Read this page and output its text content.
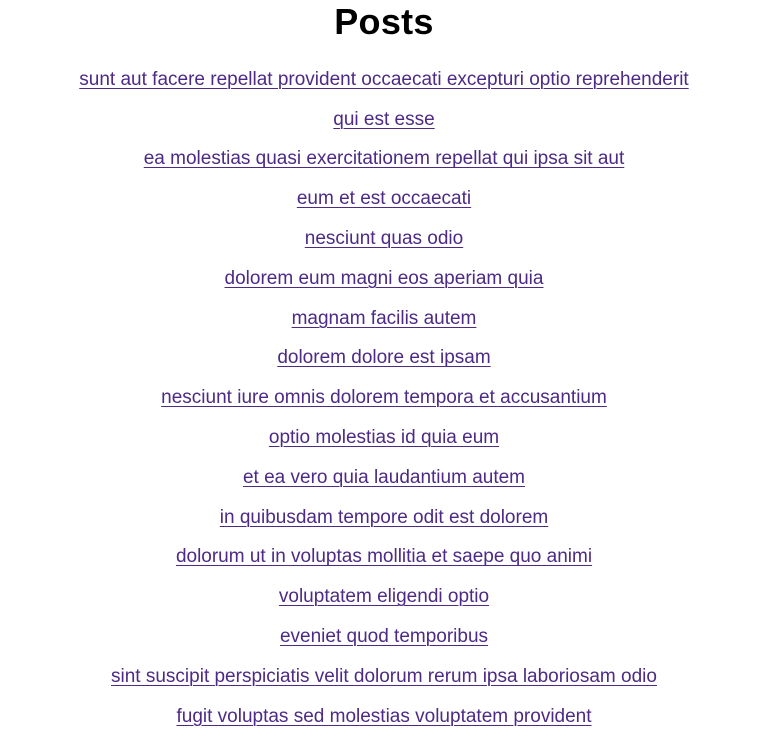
Posts
sunt aut facere repellat provident occaecati excepturi optio reprehenderit
qui est esse
ea molestias quasi exercitationem repellat qui ipsa sit aut
eum et est occaecati
nesciunt quas odio
dolorem eum magni eos aperiam quia
magnam facilis autem
dolorem dolore est ipsam
nesciunt iure omnis dolorem tempora et accusantium
optio molestias id quia eum
et ea vero quia laudantium autem
in quibusdam tempore odit est dolorem
dolorum ut in voluptas mollitia et saepe quo animi
voluptatem eligendi optio
eveniet quod temporibus
sint suscipit perspiciatis velit dolorum rerum ipsa laboriosam odio
fugit voluptas sed molestias voluptatem provident
